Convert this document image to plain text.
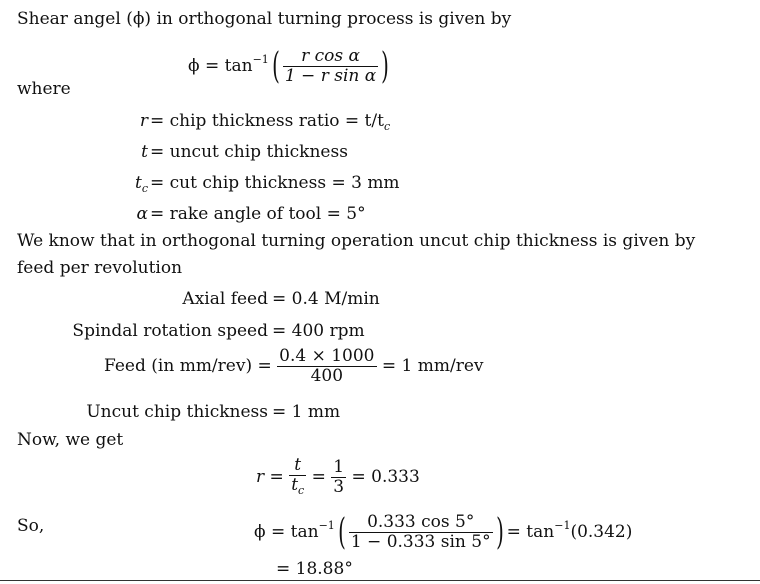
Shear angel (ϕ) in orthogonal turning process is given by
$\phi = \tan^{-1}( \frac{\text{r cos α}}{\text{1 − r sin α}}$ )
where
r = chip thickness ratio = $t/t_c$
t = uncut chip thickness
$t_c$ = cut chip thickness = 3 mm
α = rake angle of tool = 5°
We know that in orthogonal turning operation uncut chip thickness is given by
feed per revolution
Axial feed = 0.4 M/min
Spindal rotation speed = 400 rpm
Feed (in $mm/rev) = \frac{0.4 \times 1000}{400} = 1$ mm/rev
Uncut chip thickness = 1 mm
Now, we get
$r = \frac{t}{t_c} = \frac{1}{3} = 0.333$
So,	$\phi = \tan^{-1}( \frac{0.333 \cos 5^\circ}{1 - 0.333 \sin 5^\circ}$ ) = $\tan^{-1}(0.342)$
= 18.88°
